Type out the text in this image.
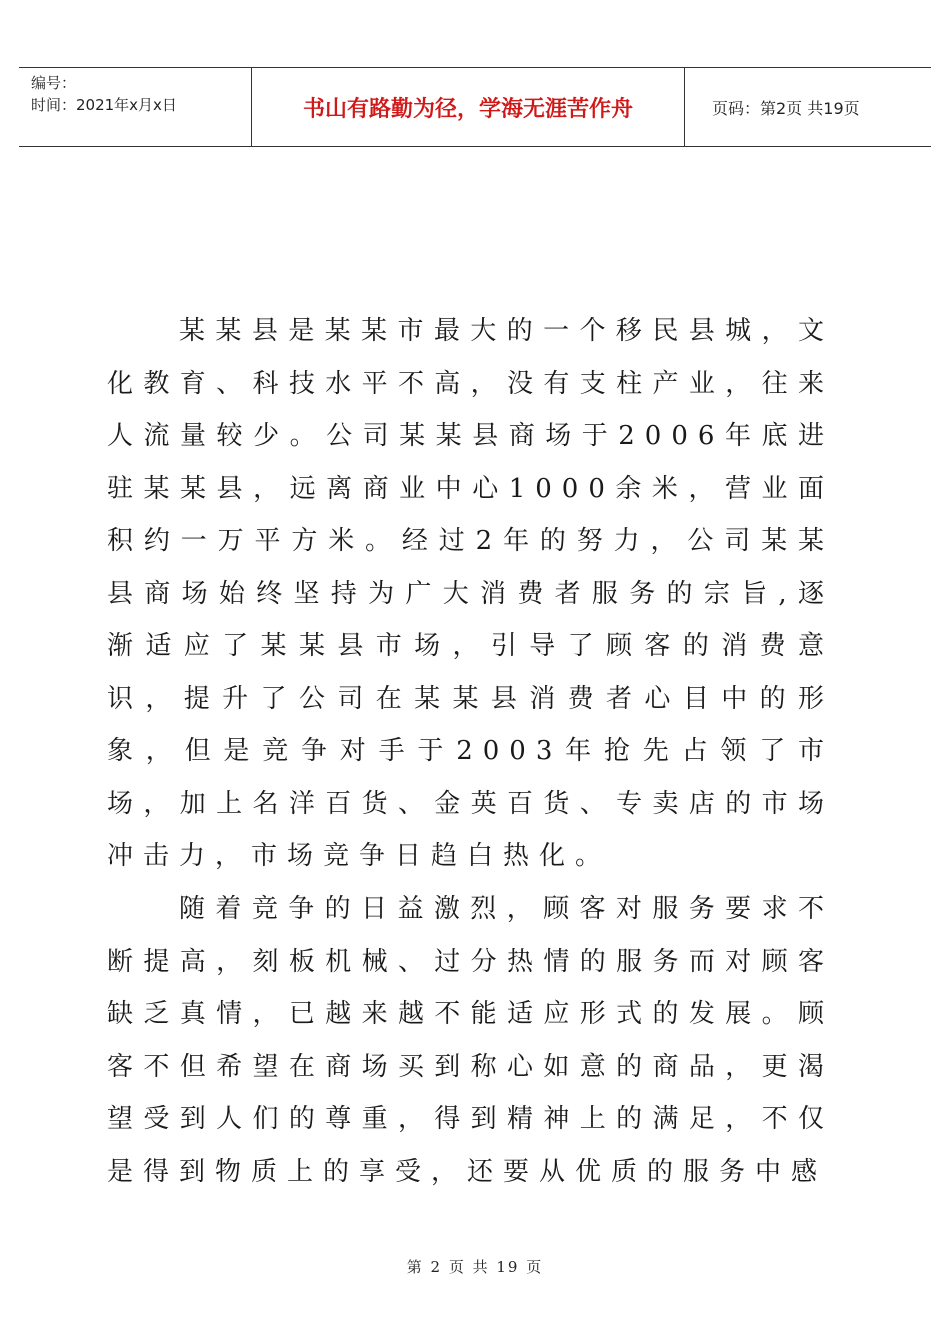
编号：
时间：2021年x月x日	书山有路勤为径，学海无涯苦作舟	页码：第2页 共19页

某某县是某某市最大的一个移民县城，文化教育、科技水平不高，没有支柱产业，往来人流量较少。公司某某县商场于2006年底进驻某某县，远离商业中心1000余米，营业面积约一万平方米。经过2年的努力，公司某某县商场始终坚持为广大消费者服务的宗旨,逐渐适应了某某县市场，引导了顾客的消费意识，提升了公司在某某县消费者心目中的形象，但是竞争对手于2003年抢先占领了市场，加上名洋百货、金英百货、专卖店的市场冲击力，市场竞争日趋白热化。

随着竞争的日益激烈，顾客对服务要求不断提高，刻板机械、过分热情的服务而对顾客缺乏真情，已越来越不能适应形式的发展。顾客不但希望在商场买到称心如意的商品，更渴望受到人们的尊重，得到精神上的满足，不仅是得到物质上的享受，还要从优质的服务中感

第 2 页 共 19 页
